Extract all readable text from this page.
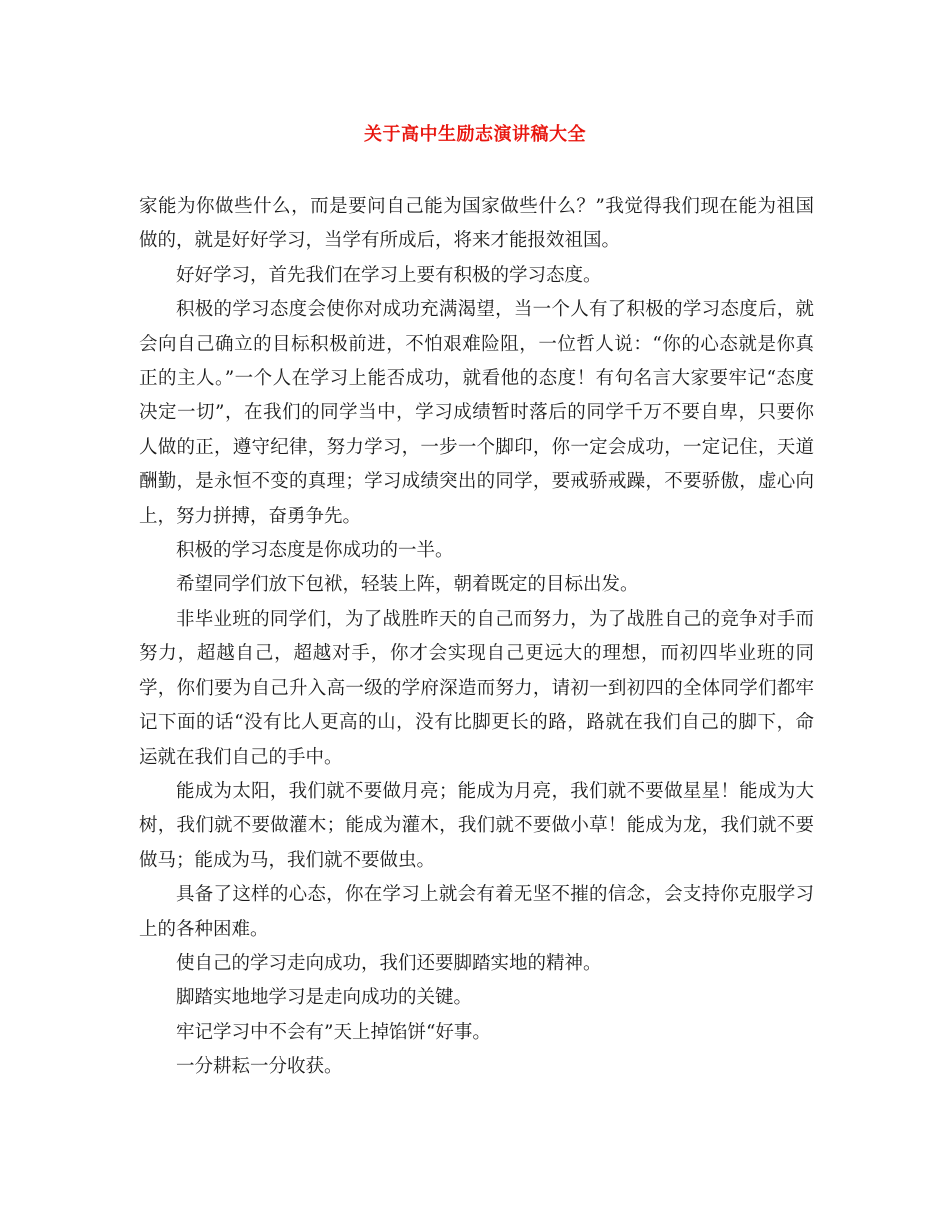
关于高中生励志演讲稿大全

家能为你做些什么，而是要问自己能为国家做些什么？”我觉得我们现在能为祖国做的，就是好好学习，当学有所成后，将来才能报效祖国。

好好学习，首先我们在学习上要有积极的学习态度。

积极的学习态度会使你对成功充满渴望，当一个人有了积极的学习态度后，就会向自己确立的目标积极前进，不怕艰难险阻，一位哲人说：“你的心态就是你真正的主人。”一个人在学习上能否成功，就看他的态度！有句名言大家要牢记“态度决定一切”，在我们的同学当中，学习成绩暂时落后的同学千万不要自卑，只要你人做的正，遵守纪律，努力学习，一步一个脚印，你一定会成功，一定记住，天道酬勤，是永恒不变的真理；学习成绩突出的同学，要戒骄戒躁，不要骄傲，虚心向上，努力拼搏，奋勇争先。

积极的学习态度是你成功的一半。

希望同学们放下包袱，轻装上阵，朝着既定的目标出发。

非毕业班的同学们，为了战胜昨天的自己而努力，为了战胜自己的竞争对手而努力，超越自己，超越对手，你才会实现自己更远大的理想，而初四毕业班的同学，你们要为自己升入高一级的学府深造而努力，请初一到初四的全体同学们都牢记下面的话“没有比人更高的山，没有比脚更长的路，路就在我们自己的脚下，命运就在我们自己的手中。

能成为太阳，我们就不要做月亮；能成为月亮，我们就不要做星星！能成为大树，我们就不要做灌木；能成为灌木，我们就不要做小草！能成为龙，我们就不要做马；能成为马，我们就不要做虫。

具备了这样的心态，你在学习上就会有着无坚不摧的信念，会支持你克服学习上的各种困难。

使自己的学习走向成功，我们还要脚踏实地的精神。

脚踏实地地学习是走向成功的关键。

牢记学习中不会有”天上掉馅饼“好事。

一分耕耘一分收获。
